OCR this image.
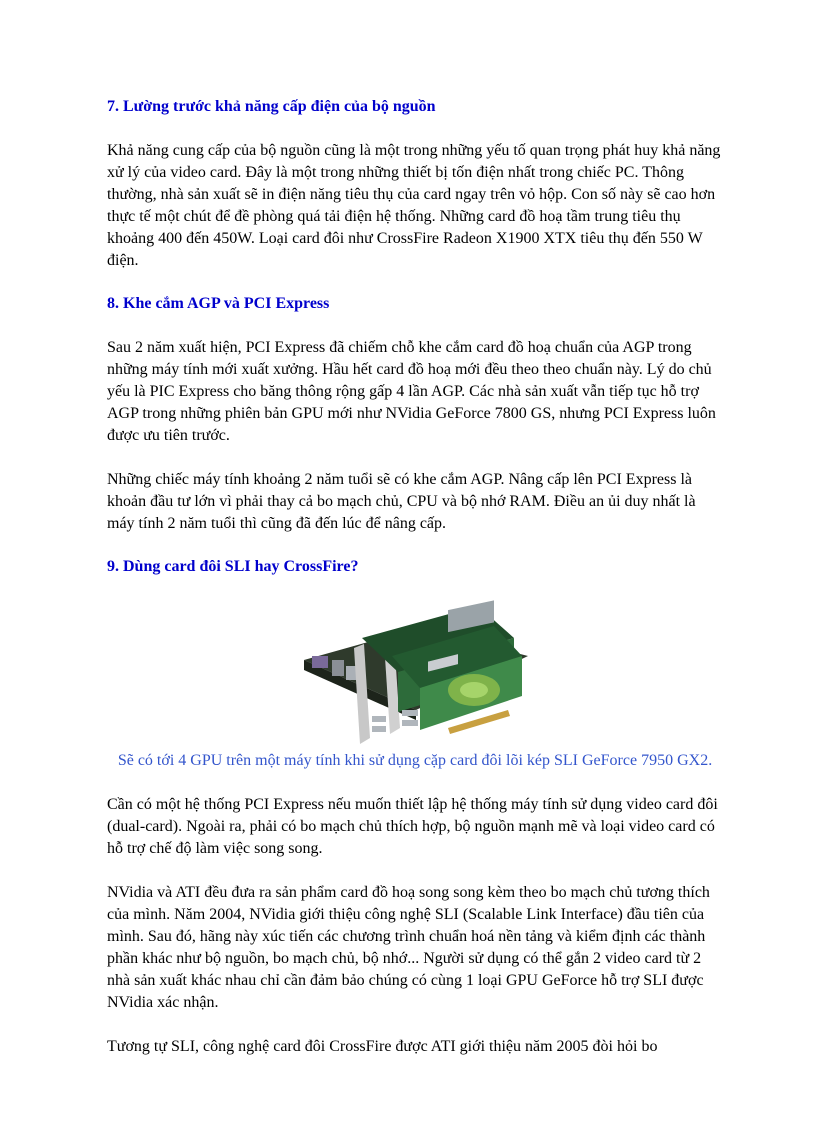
7. Lường trước khả năng cấp điện của bộ nguồn

Khả năng cung cấp của bộ nguồn cũng là một trong những yếu tố quan trọng phát huy khả năng xử lý của video card. Đây là một trong những thiết bị tốn điện nhất trong chiếc PC. Thông thường, nhà sản xuất sẽ in điện năng tiêu thụ của card ngay trên vỏ hộp. Con số này sẽ cao hơn thực tế một chút để đề phòng quá tải điện hệ thống. Những card đồ hoạ tầm trung tiêu thụ khoảng 400 đến 450W. Loại card đôi như CrossFire Radeon X1900 XTX tiêu thụ đến 550 W điện.

8. Khe cắm AGP và PCI Express

Sau 2 năm xuất hiện, PCI Express đã chiếm chỗ khe cắm card đồ hoạ chuẩn của AGP trong những máy tính mới xuất xưởng. Hầu hết card đồ hoạ mới đều theo theo chuẩn này. Lý do chủ yếu là PIC Express cho băng thông rộng gấp 4 lần AGP. Các nhà sản xuất vẫn tiếp tục hỗ trợ AGP trong những phiên bản GPU mới như NVidia GeForce 7800 GS, nhưng PCI Express luôn được ưu tiên trước.

Những chiếc máy tính khoảng 2 năm tuổi sẽ có khe cắm AGP. Nâng cấp lên PCI Express là khoản đầu tư lớn vì phải thay cả bo mạch chủ, CPU và bộ nhớ RAM. Điều an ủi duy nhất là máy tính 2 năm tuổi thì cũng đã đến lúc để nâng cấp.

9. Dùng card đôi SLI hay CrossFire?

Sẽ có tới 4 GPU trên một máy tính khi sử dụng cặp card đôi lõi kép SLI GeForce 7950 GX2.

Cần có một hệ thống PCI Express nếu muốn thiết lập hệ thống máy tính sử dụng video card đôi (dual-card). Ngoài ra, phải có bo mạch chủ thích hợp, bộ nguồn mạnh mẽ và loại video card có hỗ trợ chế độ làm việc song song.

NVidia và ATI đều đưa ra sản phẩm card đồ hoạ song song kèm theo bo mạch chủ tương thích của mình. Năm 2004, NVidia giới thiệu công nghệ SLI (Scalable Link Interface) đầu tiên của mình. Sau đó, hãng này xúc tiến các chương trình chuẩn hoá nền tảng và kiểm định các thành phần khác như bộ nguồn, bo mạch chủ, bộ nhớ... Người sử dụng có thể gắn 2 video card từ 2 nhà sản xuất khác nhau chỉ cần đảm bảo chúng có cùng 1 loại GPU GeForce hỗ trợ SLI được NVidia xác nhận.

Tương tự SLI, công nghệ card đôi CrossFire được ATI giới thiệu năm 2005 đòi hỏi bo
